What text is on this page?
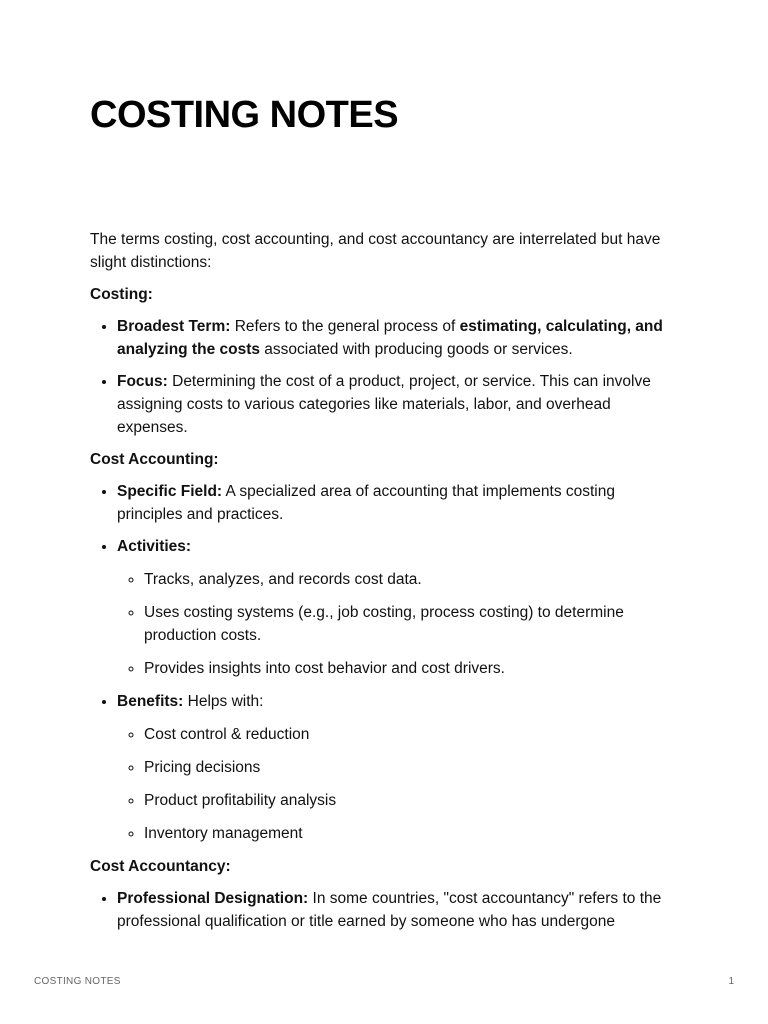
COSTING NOTES

The terms costing, cost accounting, and cost accountancy are interrelated but have slight distinctions:

Costing:
• Broadest Term: Refers to the general process of estimating, calculating, and analyzing the costs associated with producing goods or services.
• Focus: Determining the cost of a product, project, or service. This can involve assigning costs to various categories like materials, labor, and overhead expenses.
Cost Accounting:
• Specific Field: A specialized area of accounting that implements costing principles and practices.
• Activities:
◦ Tracks, analyzes, and records cost data.
◦ Uses costing systems (e.g., job costing, process costing) to determine production costs.
◦ Provides insights into cost behavior and cost drivers.
• Benefits: Helps with:
◦ Cost control & reduction
◦ Pricing decisions
◦ Product profitability analysis
◦ Inventory management
Cost Accountancy:
• Professional Designation: In some countries, "cost accountancy" refers to the professional qualification or title earned by someone who has undergone
COSTING NOTES	1
